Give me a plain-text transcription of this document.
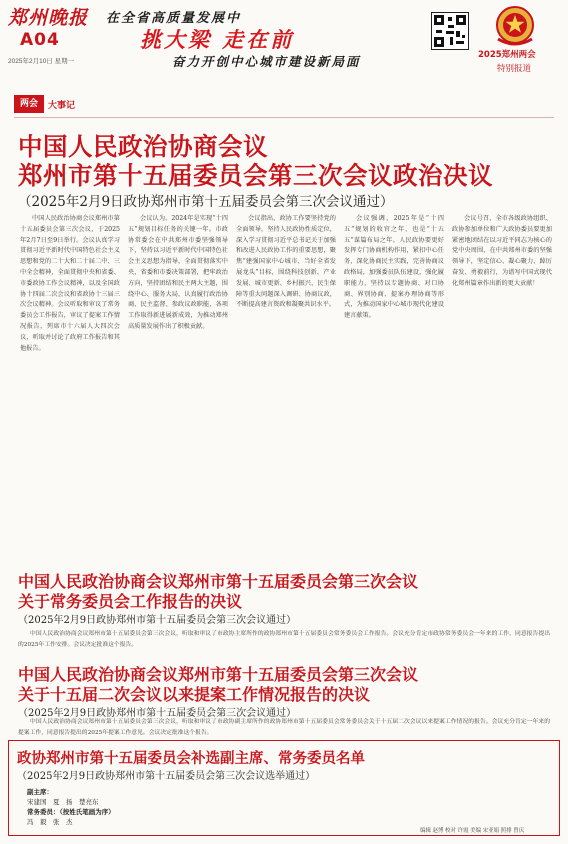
郑州晚报
A04
2025年2月10日 星期一
在全省高质量发展中
挑大梁 走在前
奋力开创中心城市建设新局面	2025郑州两会
特别报道
两会	大事记
中国人民政治协商会议
郑州市第十五届委员会第三次会议政治决议
（2025年2月9日政协郑州市第十五届委员会第三次会议通过）
中国人民政治协商会议郑州市第十五届委员会第三次会议，于2025年2月7日至9日举行。会议认真学习贯彻习近平新时代中国特色社会主义思想和党的二十大和二十届二中、三中全会精神，全面贯彻中央和省委、市委政协工作会议精神，以及全国政协十四届二次会议和省政协十三届三次会议精神。会议听取和审议了常务委员会工作报告，审议了提案工作情况报告，列席市十六届人大四次会议，听取并讨论了政府工作报告和其他报告。
会议认为，2024年是实现“十四五”规划目标任务的关键一年。市政协常委会在中共郑州市委坚强领导下，坚持以习近平新时代中国特色社会主义思想为指导，全面贯彻落实中央、省委和市委决策部署，把牢政治方向，坚持团结和民主两大主题，围绕中心、服务大局，认真履行政治协商、民主监督、参政议政职能，各项工作取得新进展新成效，为推动郑州高质量发展作出了积极贡献。
会议指出，政协工作要坚持党的全面领导，坚持人民政协性质定位，深入学习贯彻习近平总书记关于加强和改进人民政协工作的重要思想，聚焦“建强国家中心城市、当好全省发展龙头”目标，围绕科技创新、产业发展、城市更新、乡村振兴、民生保障等重大问题深入调研、协商议政，不断提高建言资政和凝聚共识水平。
会议强调，2025年是“十四五”规划的收官之年，也是“十五五”谋篇布局之年。人民政协要更好发挥专门协商机构作用，紧扣中心任务，深化协商民主实践，完善协商议政格局，加强委员队伍建设，强化履职能力，坚持以专题协商、对口协商、界别协商、提案办理协商等形式，为推动国家中心城市现代化建设建言献策。
会议号召，全市各级政协组织、政协参加单位和广大政协委员要更加紧密地团结在以习近平同志为核心的党中央周围，在中共郑州市委的坚强领导下，坚定信心、凝心聚力、踔厉奋发、勇毅前行，为谱写中国式现代化郑州篇章作出新的更大贡献！
中国人民政治协商会议郑州市第十五届委员会第三次会议
关于常务委员会工作报告的决议
（2025年2月9日政协郑州市第十五届委员会第三次会议通过）
中国人民政治协商会议郑州市第十五届委员会第三次会议，听取和审议了市政协主席所作的政协郑州市第十五届委员会常务委员会工作报告。会议充分肯定市政协常务委员会一年来的工作，同意报告提出的2025年工作安排。会议决定批准这个报告。
中国人民政治协商会议郑州市第十五届委员会第三次会议
关于十五届二次会议以来提案工作情况报告的决议
（2025年2月9日政协郑州市第十五届委员会第三次会议通过）
中国人民政治协商会议郑州市第十五届委员会第三次会议，听取和审议了市政协副主席所作的政协郑州市第十五届委员会常务委员会关于十五届二次会议以来提案工作情况的报告。会议充分肯定一年来的提案工作，同意报告提出的2025年提案工作意见。会议决定批准这个报告。
政协郑州市第十五届委员会补选副主席、常务委员名单
（2025年2月9日政协郑州市第十五届委员会第三次会议选举通过）
副主席：
宋建国　夏　扬　楚亮东
常务委员：（按姓氏笔画为序）
冯　毅　张　杰
编辑 赵博 校对 许霞 美编 宋亚娟 照排 曾庆
